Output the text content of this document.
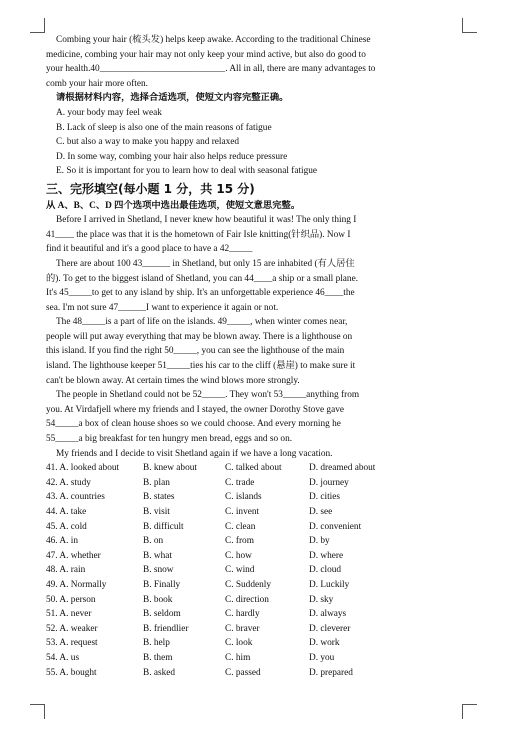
Combing your hair (梳头发) helps keep awake. According to the traditional Chinese
medicine, combing your hair may not only keep your mind active, but also do good to
your health.40___________________________. All in all, there are many advantages to
comb your hair more often.
请根据材料内容，选择合适选项，使短文内容完整正确。
A. your body may feel weak
B. Lack of sleep is also one of the main reasons of fatigue
C. but also a way to make you happy and relaxed
D. In some way, combing your hair also helps reduce pressure
E. So it is important for you to learn how to deal with seasonal fatigue
三、完形填空(每小题 1 分，共 15 分)
从 A、B、C、D 四个选项中选出最佳选项，使短文意思完整。
Before I arrived in Shetland, I never knew how beautiful it was! The only thing I
41____ the place was that it is the hometown of Fair Isle knitting(针织品). Now I
find it beautiful and it's a good place to have a 42_____
There are about 100 43______ in Shetland, but only 15 are inhabited (有人居住
的). To get to the biggest island of Shetland, you can 44____a ship or a small plane.
It's 45_____to get to any island by ship. It's an unforgettable experience 46____the
sea. I'm not sure 47______I want to experience it again or not.
The 48_____is a part of life on the islands. 49_____, when winter comes near,
people will put away everything that may be blown away. There is a lighthouse on
this island. If you find the right 50_____, you can see the lighthouse of the main
island. The lighthouse keeper 51_____ties his car to the cliff (悬崖) to make sure it
can't be blown away. At certain times the wind blows more strongly.
The people in Shetland could not be 52_____. They won't 53_____anything from
you. At Virdafjell where my friends and I stayed, the owner Dorothy Stove gave
54_____a box of clean house shoes so we could choose. And every morning he
55_____a big breakfast for ten hungry men bread, eggs and so on.
My friends and I decide to visit Shetland again if we have a long vacation.
41. A. looked about	B. knew about	C. talked about	D. dreamed about
42. A. study	B. plan	C. trade	D. journey
43. A. countries	B. states	C. islands	D. cities
44. A. take	B. visit	C. invent	D. see
45. A. cold	B. difficult	C. clean	D. convenient
46. A. in	B. on	C. from	D. by
47. A. whether	B. what	C. how	D. where
48. A. rain	B. snow	C. wind	D. cloud
49. A. Normally	B. Finally	C. Suddenly	D. Luckily
50. A. person	B. book	C. direction	D. sky
51. A. never	B. seldom	C. hardly	D. always
52. A. weaker	B. friendlier	C. braver	D. cleverer
53. A. request	B. help	C. look	D. work
54. A. us	B. them	C. him	D. you
55. A. bought	B. asked	C. passed	D. prepared
